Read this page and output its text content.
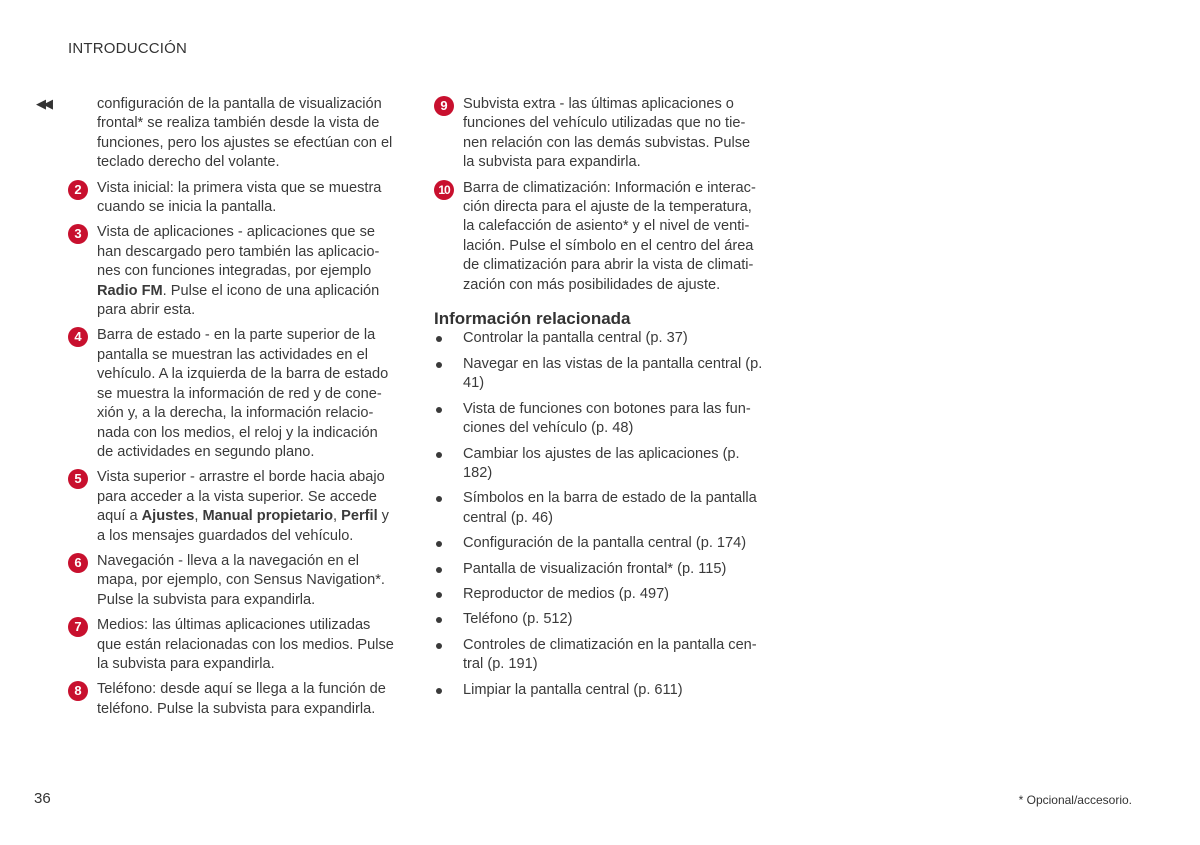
INTRODUCCIÓN
◀◀	configuración de la pantalla de visualización frontal* se realiza también desde la vista de funciones, pero los ajustes se efectúan con el teclado derecho del volante.

2	Vista inicial: la primera vista que se muestra cuando se inicia la pantalla.
3	Vista de aplicaciones - aplicaciones que se han descargado pero también las aplicaciones con funciones integradas, por ejemplo Radio FM. Pulse el icono de una aplicación para abrir esta.
4	Barra de estado - en la parte superior de la pantalla se muestran las actividades en el vehículo. A la izquierda de la barra de estado se muestra la información de red y de conexión y, a la derecha, la información relacionada con los medios, el reloj y la indicación de actividades en segundo plano.
5	Vista superior - arrastre el borde hacia abajo para acceder a la vista superior. Se accede aquí a Ajustes, Manual propietario, Perfil y a los mensajes guardados del vehículo.
6	Navegación - lleva a la navegación en el mapa, por ejemplo, con Sensus Navigation*. Pulse la subvista para expandirla.
7	Medios: las últimas aplicaciones utilizadas que están relacionadas con los medios. Pulse la subvista para expandirla.
8	Teléfono: desde aquí se llega a la función de teléfono. Pulse la subvista para expandirla.
9	Subvista extra - las últimas aplicaciones o funciones del vehículo utilizadas que no tienen relación con las demás subvistas. Pulse la subvista para expandirla.
10 Barra de climatización: Información e interacción directa para el ajuste de la temperatura, la calefacción de asiento* y el nivel de ventilación. Pulse el símbolo en el centro del área de climatización para abrir la vista de climatización con más posibilidades de ajuste.
Información relacionada
Controlar la pantalla central (p. 37)
Navegar en las vistas de la pantalla central (p. 41)
Vista de funciones con botones para las funciones del vehículo (p. 48)
Cambiar los ajustes de las aplicaciones (p. 182)
Símbolos en la barra de estado de la pantalla central (p. 46)
Configuración de la pantalla central (p. 174)
Pantalla de visualización frontal* (p. 115)
Reproductor de medios (p. 497)
Teléfono (p. 512)
Controles de climatización en la pantalla central (p. 191)
Limpiar la pantalla central (p. 611)
36	* Opcional/accesorio.
